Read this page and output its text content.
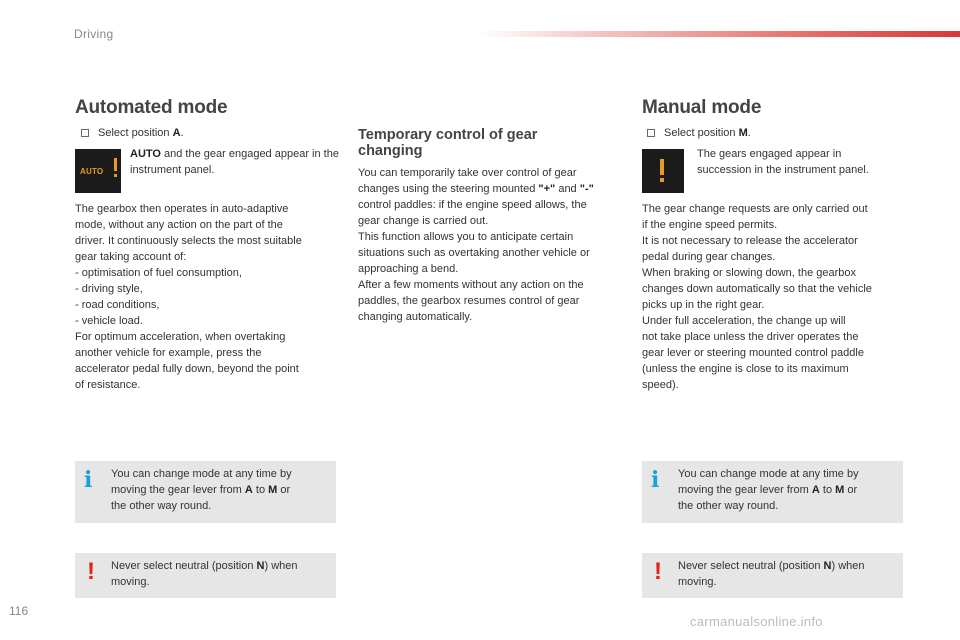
Driving
Automated mode
Select position A.
AUTO

AUTO and the gear engaged appear in the instrument panel.

The gearbox then operates in auto-adaptive

mode, without any action on the part of the

driver. It continuously selects the most suitable

gear taking account of:

- optimisation of fuel consumption,

- driving style,

- road conditions,

- vehicle load.

For optimum acceleration, when overtaking

another vehicle for example, press the

accelerator pedal fully down, beyond the point

of resistance.

i You can change mode at any time by
moving the gear lever from A to M or
the other way round.
! Never select neutral (position N) when
moving.
Temporary control of gear
changing

You can temporarily take over control of gear

changes using the steering mounted "+" and "-"

control paddles: if the engine speed allows, the

gear change is carried out.

This function allows you to anticipate certain

situations such as overtaking another vehicle or

approaching a bend.

After a few moments without any action on the

paddles, the gearbox resumes control of gear

changing automatically.

Manual mode
Select position M.

The gears engaged appear in

succession in the instrument panel.

The gear change requests are only carried out

if the engine speed permits.

It is not necessary to release the accelerator

pedal during gear changes.

When braking or slowing down, the gearbox

changes down automatically so that the vehicle

picks up in the right gear.

Under full acceleration, the change up will

not take place unless the driver operates the

gear lever or steering mounted control paddle

(unless the engine is close to its maximum

speed).

i You can change mode at any time by
moving the gear lever from A to M or
the other way round.
! Never select neutral (position N) when
moving.
116
carmanualsonline.info
